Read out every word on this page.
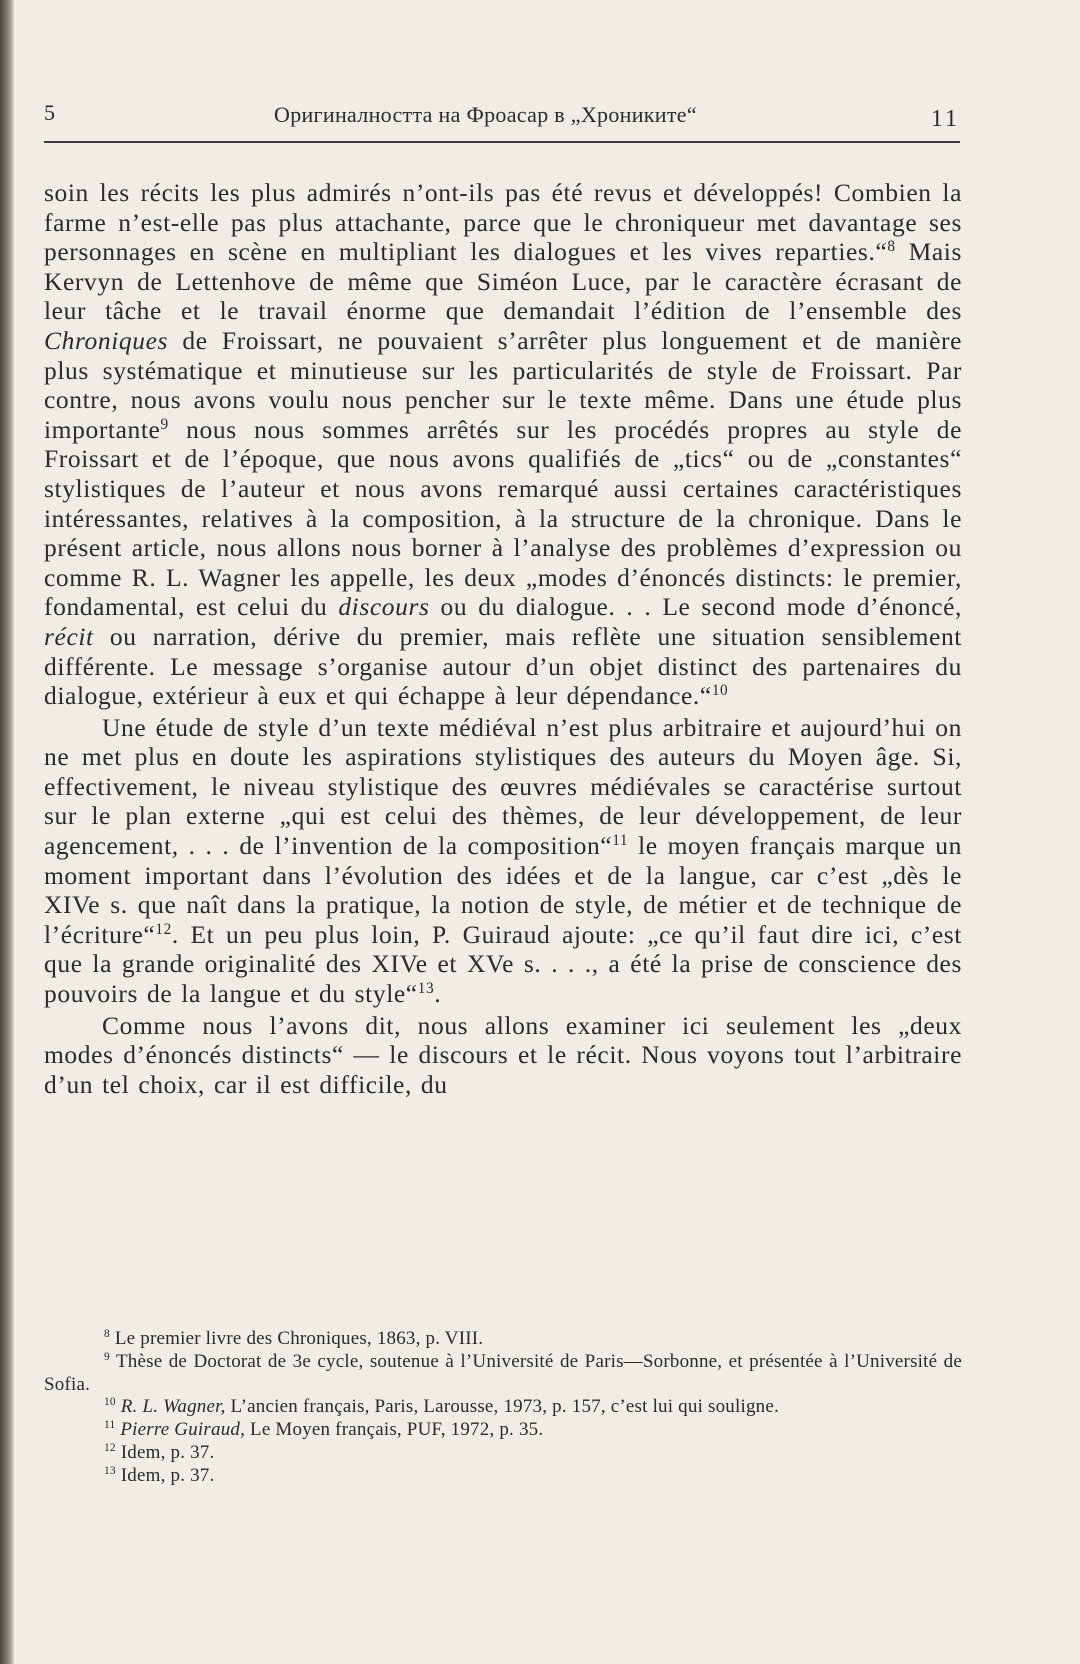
5	Оригиналността на Фроасар в „Хрониките“	11

soin les récits les plus admirés n’ont-ils pas été revus et développés! Combien la farme n’est-elle pas plus attachante, parce que le chroniqueur met davantage ses personnages en scène en multipliant les dialogues et les vives reparties.“$^8$ Mais Kervyn de Lettenhove de même que Siméon Luce, par le caractère écrasant de leur tâche et le travail énorme que demandait l’édition de l’ensemble des Chroniques de Froissart, ne pouvaient s’arrêter plus longuement et de manière plus systématique et minutieuse sur les particularités de style de Froissart. Par contre, nous avons voulu nous pencher sur le texte même. Dans une étude plus importante$^9$ nous nous sommes arrêtés sur les procédés propres au style de Froissart et de l’époque, que nous avons qualifiés de „tics“ ou de „constantes“ stylistiques de l’auteur et nous avons remarqué aussi certaines caractéristiques intéressantes, relatives à la composition, à la structure de la chronique. Dans le présent article, nous allons nous borner à l’analyse des problèmes d’expression ou comme R. L. Wagner les appelle, les deux „modes d’énoncés distincts: le premier, fondamental, est celui du discours ou du dialogue. . . Le second mode d’énoncé, récit ou narration, dérive du premier, mais reflète une situation sensiblement différente. Le message s’organise autour d’un objet distinct des partenaires du dialogue, extérieur à eux et qui échappe à leur dépendance.“$^{10}$

Une étude de style d’un texte médiéval n’est plus arbitraire et aujourd’hui on ne met plus en doute les aspirations stylistiques des auteurs du Moyen âge. Si, effectivement, le niveau stylistique des œuvres médiévales se caractérise surtout sur le plan externe „qui est celui des thèmes, de leur développement, de leur agencement, . . . de l’invention de la composition“$^{11}$ le moyen français marque un moment important dans l’évolution des idées et de la langue, car c’est „dès le XIVe s. que naît dans la pratique, la notion de style, de métier et de technique de l’écriture“$^{12}$. Et un peu plus loin, P. Guiraud ajoute: „ce qu’il faut dire ici, c’est que la grande originalité des XIVe et XVe s. . . ., a été la prise de conscience des pouvoirs de la langue et du style“$^{13}$.

Comme nous l’avons dit, nous allons examiner ici seulement les „deux modes d’énoncés distincts“ — le discours et le récit. Nous voyons tout l’arbitraire d’un tel choix, car il est difficile, du

$^8$ Le premier livre des Chroniques, 1863, p. VIII.

$^9$ Thèse de Doctorat de 3e cycle, soutenue à l’Université de Paris—Sorbonne, et présentée à l’Université de Sofia.

$^{10}$ R. L. Wagner, L’ancien français, Paris, Larousse, 1973, p. 157, c’est lui qui souligne.

$^{11}$ Pierre Guiraud, Le Moyen français, PUF, 1972, p. 35.

$^{12}$ Idem, p. 37.

$^{13}$ Idem, p. 37.
